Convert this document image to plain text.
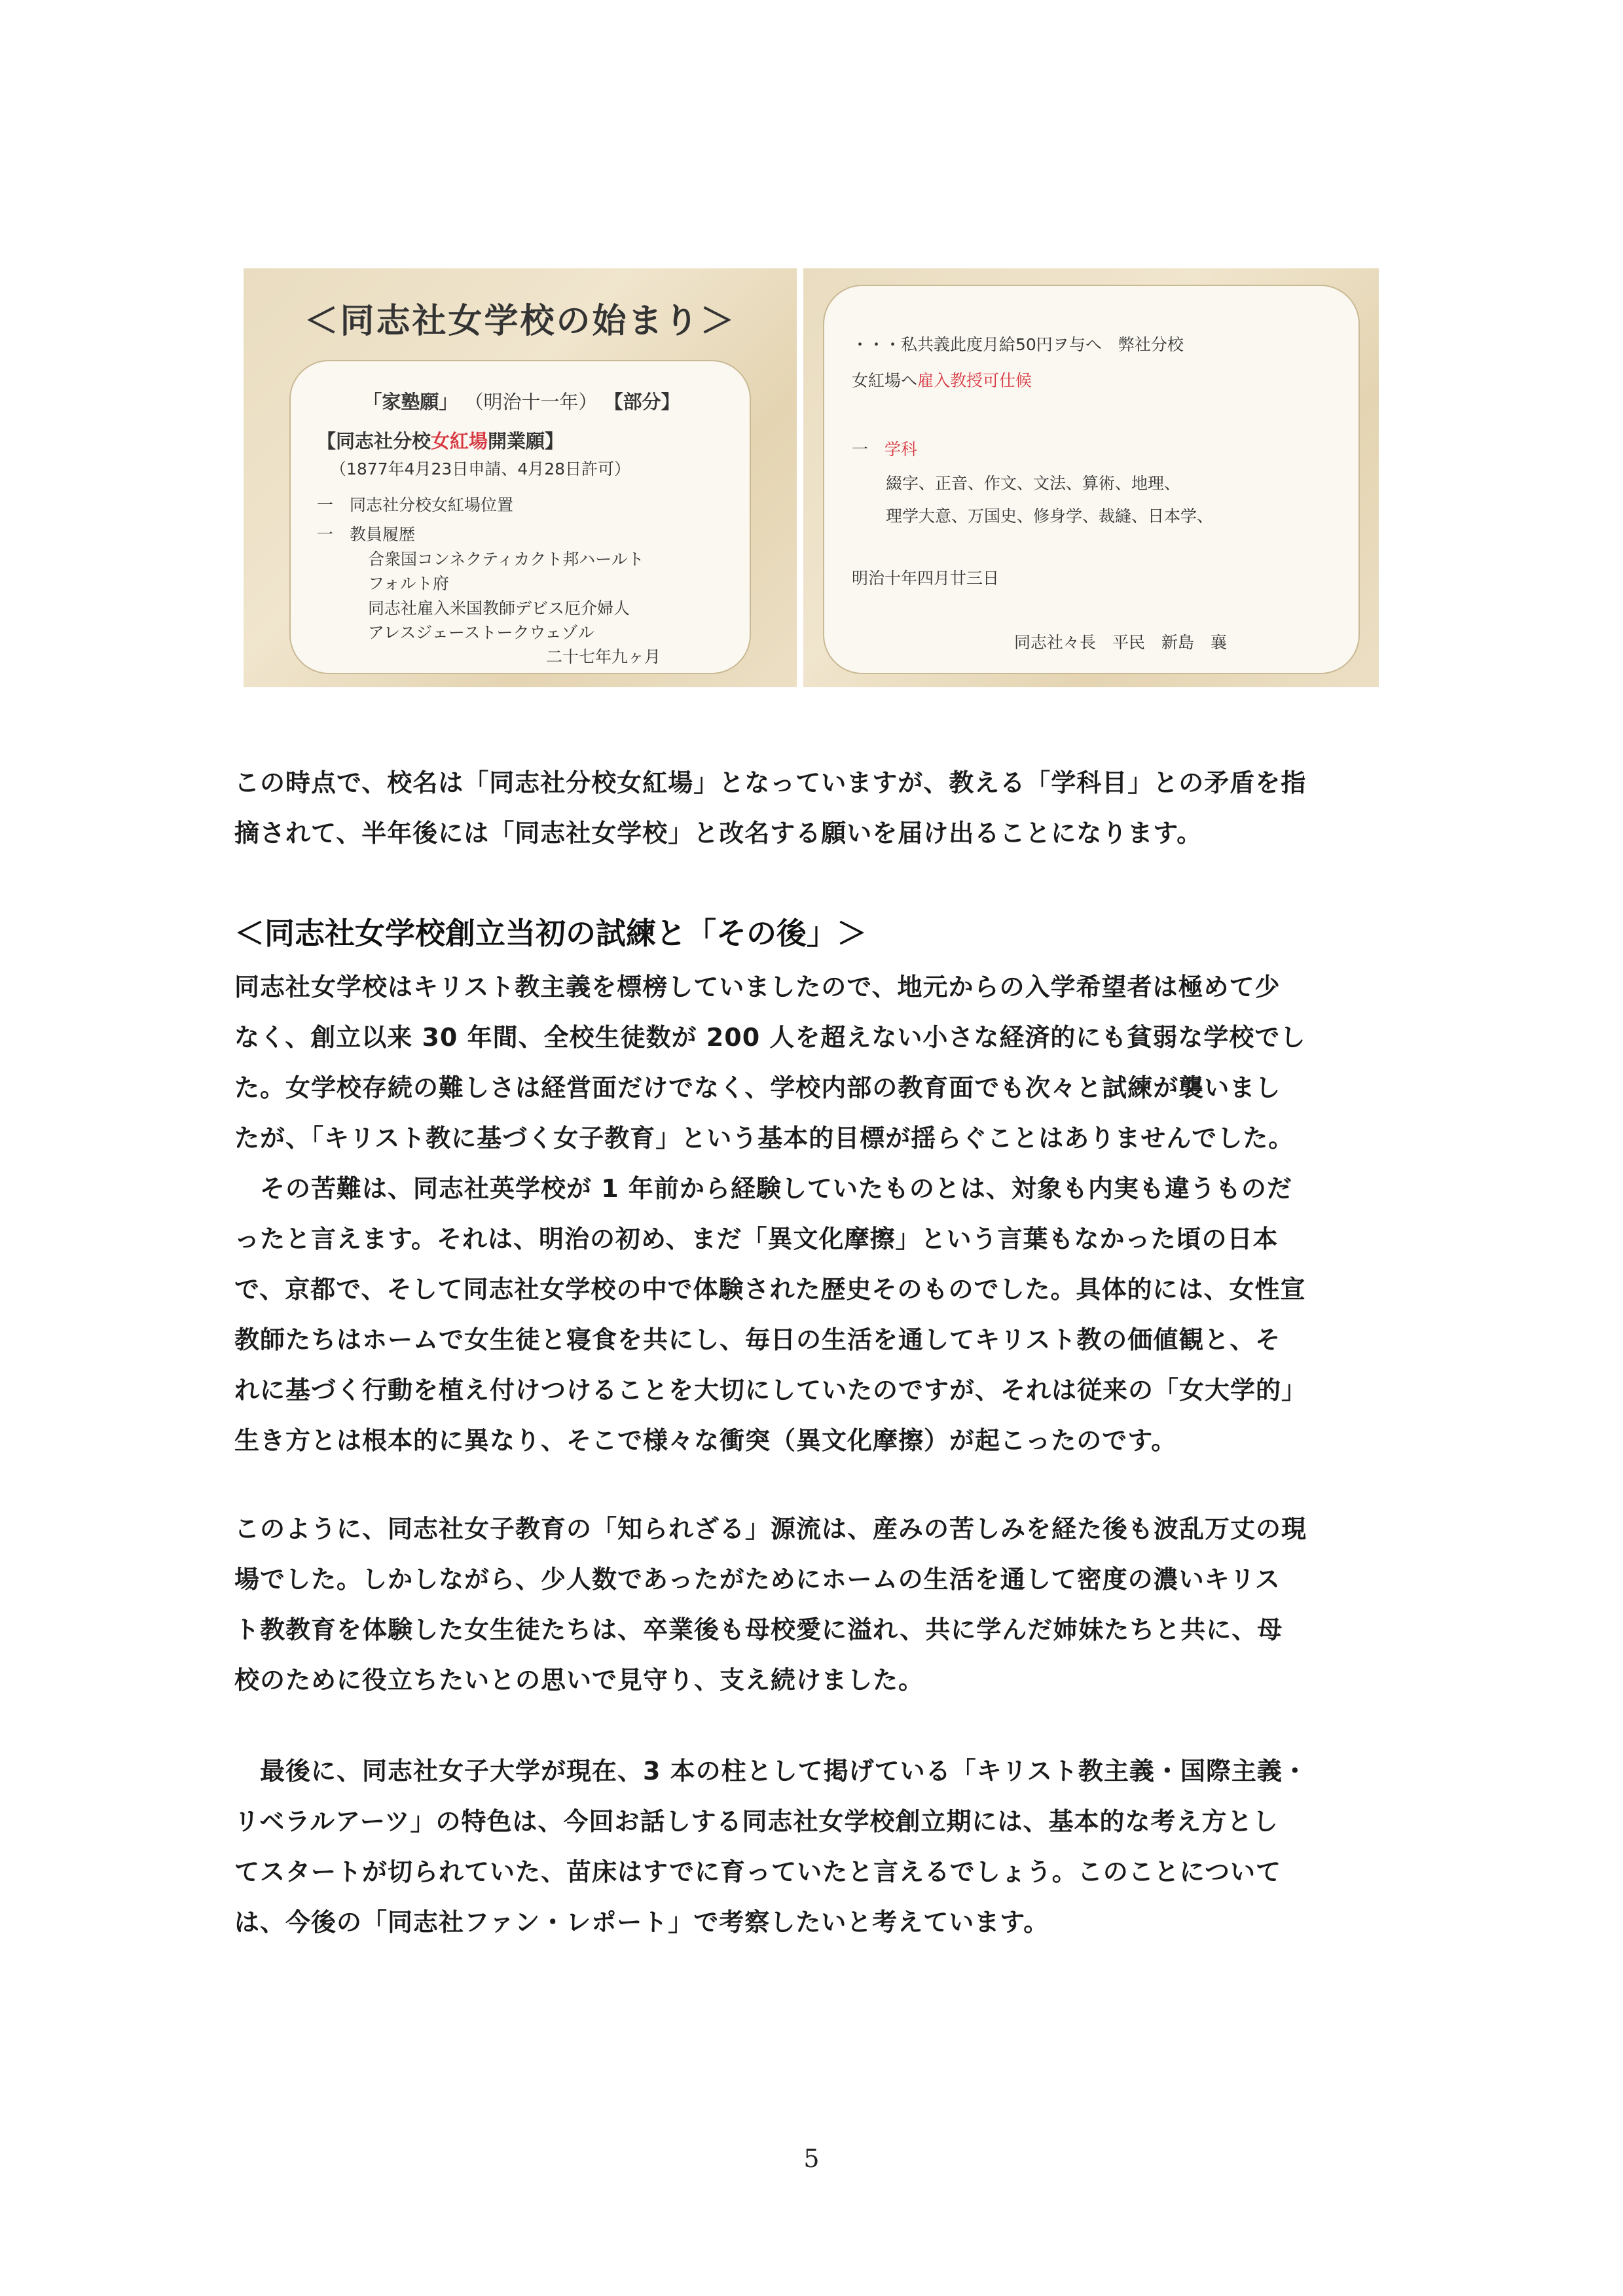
＜同志社女学校の始まり＞
「家塾願」 （明治十一年） 【部分】
【同志社分校女紅場開業願】
（1877年4月23日申請、4月28日許可）
一　同志社分校女紅場位置
一　教員履歴
合衆国コンネクティカクト邦ハールト
フォルト府
同志社雇入米国教師デビス厄介婦人
アレスジェーストークウェゾル
二十七年九ヶ月
・・・私共義此度月給50円ヲ与へ　弊社分校
女紅場へ雇入教授可仕候
一　学科
綴字、正音、作文、文法、算術、地理、
理学大意、万国史、修身学、裁縫、日本学、
明治十年四月廿三日
同志社々長　平民　新島　襄

この時点で、校名は「同志社分校女紅場」となっていますが、教える「学科目」との矛盾を指

摘されて、半年後には「同志社女学校」と改名する願いを届け出ることになります。

＜同志社女学校創立当初の試練と「その後」＞

同志社女学校はキリスト教主義を標榜していましたので、地元からの入学希望者は極めて少

なく、創立以来 30 年間、全校生徒数が 200 人を超えない小さな経済的にも貧弱な学校でし

た。女学校存続の難しさは経営面だけでなく、学校内部の教育面でも次々と試練が襲いまし

たが、「キリスト教に基づく女子教育」という基本的目標が揺らぐことはありませんでした。

　その苦難は、同志社英学校が 1 年前から経験していたものとは、対象も内実も違うものだ

ったと言えます。それは、明治の初め、まだ「異文化摩擦」という言葉もなかった頃の日本

で、京都で、そして同志社女学校の中で体験された歴史そのものでした。具体的には、女性宣

教師たちはホームで女生徒と寝食を共にし、毎日の生活を通してキリスト教の価値観と、そ

れに基づく行動を植え付けつけることを大切にしていたのですが、それは従来の「女大学的」

生き方とは根本的に異なり、そこで様々な衝突（異文化摩擦）が起こったのです。

このように、同志社女子教育の「知られざる」源流は、産みの苦しみを経た後も波乱万丈の現

場でした。しかしながら、少人数であったがためにホームの生活を通して密度の濃いキリス

ト教教育を体験した女生徒たちは、卒業後も母校愛に溢れ、共に学んだ姉妹たちと共に、母

校のために役立ちたいとの思いで見守り、支え続けました。

　最後に、同志社女子大学が現在、3 本の柱として掲げている「キリスト教主義・国際主義・

リベラルアーツ」の特色は、今回お話しする同志社女学校創立期には、基本的な考え方とし

てスタートが切られていた、苗床はすでに育っていたと言えるでしょう。このことについて

は、今後の「同志社ファン・レポート」で考察したいと考えています。

5
